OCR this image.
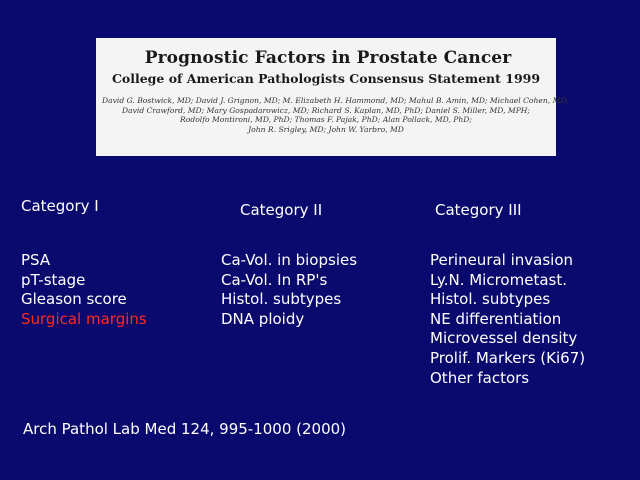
Prognostic Factors in Prostate Cancer
College of American Pathologists Consensus Statement 1999
David G. Bostwick, MD; David J. Grignon, MD; M. Elizabeth H. Hammond, MD; Mahul B. Amin, MD; Michael Cohen, MD;
David Crawford, MD; Mary Gospadarowicz, MD; Richard S. Kaplan, MD, PhD; Daniel S. Miller, MD, MPH;
Rodolfo Montironi, MD, PhD; Thomas F. Pajak, PhD; Alan Pollack, MD, PhD;
John R. Srigley, MD; John W. Yarbro, MD
Category I	Category II	Category III
PSA
pT-stage
Gleason score
Surgical margins
Ca-Vol. in biopsies
Ca-Vol. In RP's
Histol. subtypes
DNA ploidy
Perineural invasion
Ly.N. Micrometast.
Histol. subtypes
NE differentiation
Microvessel density
Prolif. Markers (Ki67)
Other factors
Arch Pathol Lab Med 124, 995-1000 (2000)
